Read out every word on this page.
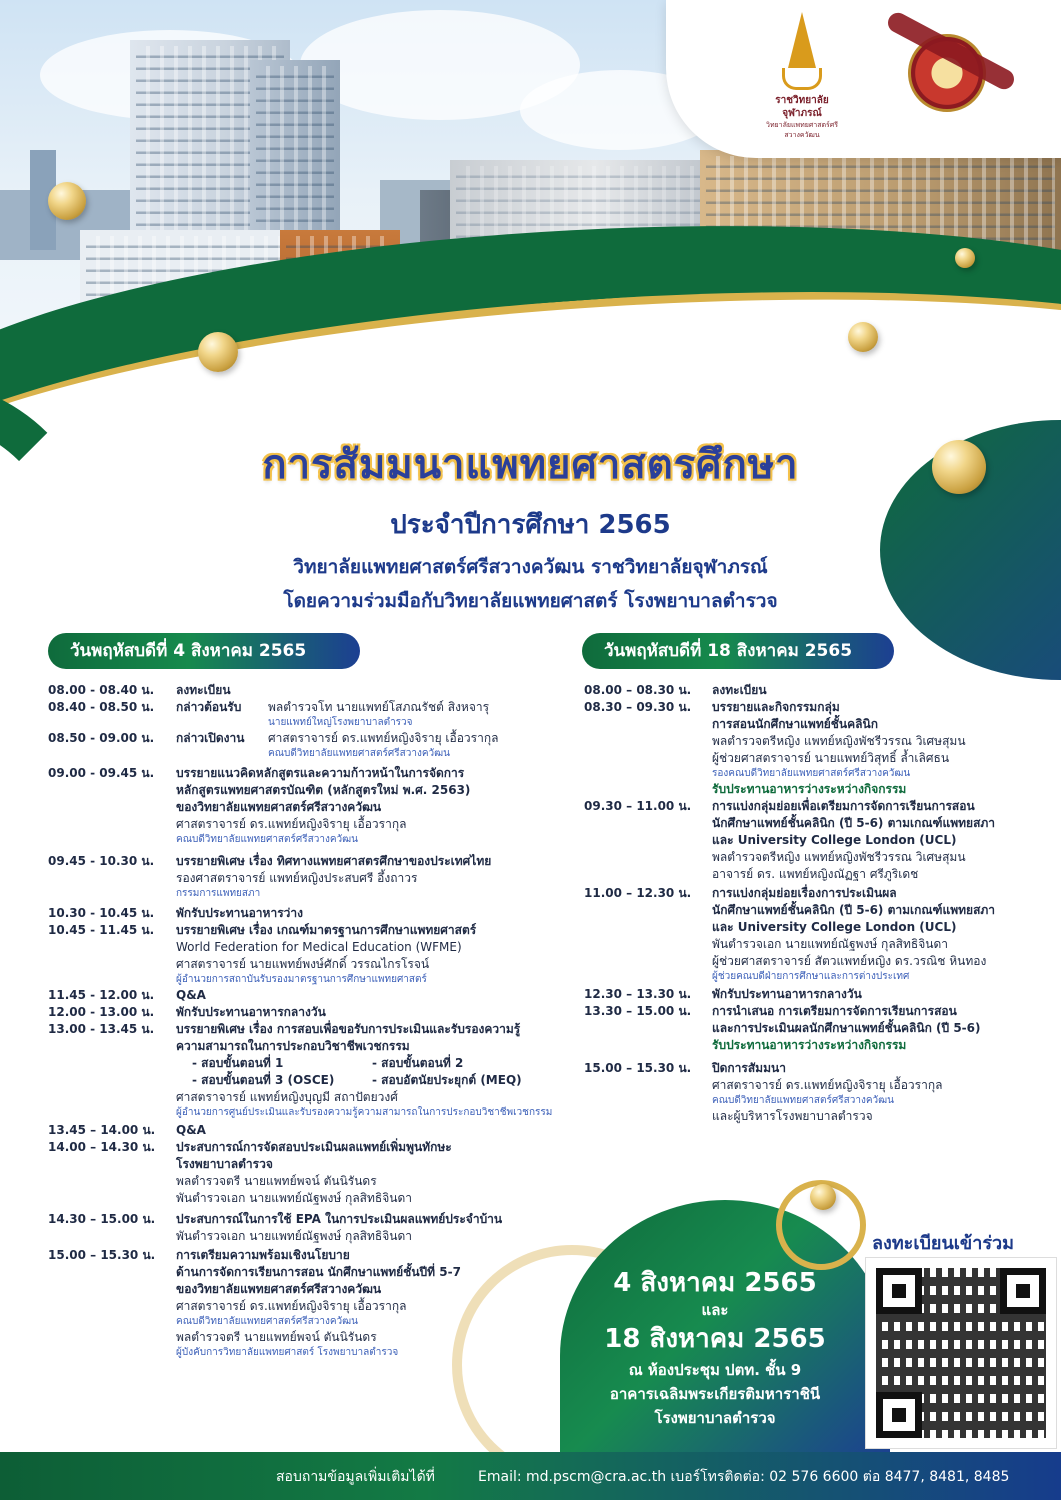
ราชวิทยาลัย
จุฬาภรณ์
วิทยาลัยแพทยศาสตร์ศรีสวางควัฒน
การสัมมนาแพทยศาสตรศึกษา
ประจำปีการศึกษา 2565
วิทยาลัยแพทยศาสตร์ศรีสวางควัฒน ราชวิทยาลัยจุฬาภรณ์
โดยความร่วมมือกับวิทยาลัยแพทยศาสตร์ โรงพยาบาลตำรวจ
วันพฤหัสบดีที่ 4 สิงหาคม 2565
08.00 - 08.40 น.	ลงทะเบียน
08.40 - 08.50 น.	กล่าวต้อนรับ	พลตำรวจโท นายแพทย์โสภณรัชต์ สิงหจารุ
นายแพทย์ใหญ่โรงพยาบาลตำรวจ
08.50 - 09.00 น.	กล่าวเปิดงาน	ศาสตราจารย์ ดร.แพทย์หญิงจิรายุ เอื้อวรากุล
คณบดีวิทยาลัยแพทยศาสตร์ศรีสวางควัฒน
09.00 - 09.45 น.	บรรยายแนวคิดหลักสูตรและความก้าวหน้าในการจัดการ
หลักสูตรแพทยศาสตรบัณฑิต (หลักสูตรใหม่ พ.ศ. 2563)
ของวิทยาลัยแพทยศาสตร์ศรีสวางควัฒน
ศาสตราจารย์ ดร.แพทย์หญิงจิรายุ เอื้อวรากุล
คณบดีวิทยาลัยแพทยศาสตร์ศรีสวางควัฒน
09.45 - 10.30 น.	บรรยายพิเศษ เรื่อง ทิศทางแพทยศาสตรศึกษาของประเทศไทย
รองศาสตราจารย์ แพทย์หญิงประสบศรี อึ้งถาวร
กรรมการแพทยสภา
10.30 - 10.45 น.	พักรับประทานอาหารว่าง
10.45 - 11.45 น.	บรรยายพิเศษ เรื่อง เกณฑ์มาตรฐานการศึกษาแพทยศาสตร์
World Federation for Medical Education (WFME)
ศาสตราจารย์ นายแพทย์พงษ์ศักดิ์ วรรณไกรโรจน์
ผู้อำนวยการสถาบันรับรองมาตรฐานการศึกษาแพทยศาสตร์
11.45 - 12.00 น.	Q&A
12.00 - 13.00 น.	พักรับประทานอาหารกลางวัน
13.00 - 13.45 น.	บรรยายพิเศษ เรื่อง การสอบเพื่อขอรับการประเมินและรับรองความรู้
ความสามารถในการประกอบวิชาชีพเวชกรรม
- สอบขั้นตอนที่ 1	- สอบขั้นตอนที่ 2
- สอบขั้นตอนที่ 3 (OSCE)	- สอบอัตนัยประยุกต์ (MEQ)
ศาสตราจารย์ แพทย์หญิงบุญมี สถาปัตยวงศ์
ผู้อำนวยการศูนย์ประเมินและรับรองความรู้ความสามารถในการประกอบวิชาชีพเวชกรรม
13.45 – 14.00 น.	Q&A
14.00 – 14.30 น.	ประสบการณ์การจัดสอบประเมินผลแพทย์เพิ่มพูนทักษะ
โรงพยาบาลตำรวจ
พลตำรวจตรี นายแพทย์พจน์ ตันนิรันดร
พันตำรวจเอก นายแพทย์ณัฐพงษ์ กุลสิทธิจินดา
14.30 – 15.00 น.	ประสบการณ์ในการใช้ EPA ในการประเมินผลแพทย์ประจำบ้าน
พันตำรวจเอก นายแพทย์ณัฐพงษ์ กุลสิทธิจินดา
15.00 – 15.30 น.	การเตรียมความพร้อมเชิงนโยบาย
ด้านการจัดการเรียนการสอน นักศึกษาแพทย์ชั้นปีที่ 5-7
ของวิทยาลัยแพทยศาสตร์ศรีสวางควัฒน
ศาสตราจารย์ ดร.แพทย์หญิงจิรายุ เอื้อวรากุล
คณบดีวิทยาลัยแพทยศาสตร์ศรีสวางควัฒน
พลตำรวจตรี นายแพทย์พจน์ ตันนิรันดร
ผู้บังคับการวิทยาลัยแพทยศาสตร์ โรงพยาบาลตำรวจ
วันพฤหัสบดีที่ 18 สิงหาคม 2565
08.00 – 08.30 น.	ลงทะเบียน
08.30 – 09.30 น.	บรรยายและกิจกรรมกลุ่ม
การสอนนักศึกษาแพทย์ชั้นคลินิก
พลตำรวจตรีหญิง แพทย์หญิงพัชรีวรรณ วิเศษสุมน
ผู้ช่วยศาสตราจารย์ นายแพทย์วิสุทธิ์ ล้ำเลิศธน
รองคณบดีวิทยาลัยแพทยศาสตร์ศรีสวางควัฒน
รับประทานอาหารว่างระหว่างกิจกรรม
09.30 – 11.00 น.	การแบ่งกลุ่มย่อยเพื่อเตรียมการจัดการเรียนการสอน
นักศึกษาแพทย์ชั้นคลินิก (ปี 5-6) ตามเกณฑ์แพทยสภา
และ University College London (UCL)
พลตำรวจตรีหญิง แพทย์หญิงพัชรีวรรณ วิเศษสุมน
อาจารย์ ดร. แพทย์หญิงณัฏฐา ศรีภูริเดช
11.00 – 12.30 น.	การแบ่งกลุ่มย่อยเรื่องการประเมินผล
นักศึกษาแพทย์ชั้นคลินิก (ปี 5-6) ตามเกณฑ์แพทยสภา
และ University College London (UCL)
พันตำรวจเอก นายแพทย์ณัฐพงษ์ กุลสิทธิจินดา
ผู้ช่วยศาสตราจารย์ สัตวแพทย์หญิง ดร.วรณิช หินทอง
ผู้ช่วยคณบดีฝ่ายการศึกษาและการต่างประเทศ
12.30 – 13.30 น.	พักรับประทานอาหารกลางวัน
13.30 – 15.00 น.	การนำเสนอ การเตรียมการจัดการเรียนการสอน
และการประเมินผลนักศึกษาแพทย์ชั้นคลินิก (ปี 5-6)
รับประทานอาหารว่างระหว่างกิจกรรม
15.00 – 15.30 น.	ปิดการสัมมนา
ศาสตราจารย์ ดร.แพทย์หญิงจิรายุ เอื้อวรากุล
คณบดีวิทยาลัยแพทยศาสตร์ศรีสวางควัฒน
และผู้บริหารโรงพยาบาลตำรวจ
4 สิงหาคม 2565
และ
18 สิงหาคม 2565
ณ ห้องประชุม ปตท. ชั้น 9
อาคารเฉลิมพระเกียรติมหาราชินี
โรงพยาบาลตำรวจ
ลงทะเบียนเข้าร่วม
สอบถามข้อมูลเพิ่มเติมได้ที่	Email: md.pscm@cra.ac.th เบอร์โทรติดต่อ: 02 576 6600 ต่อ 8477, 8481, 8485
